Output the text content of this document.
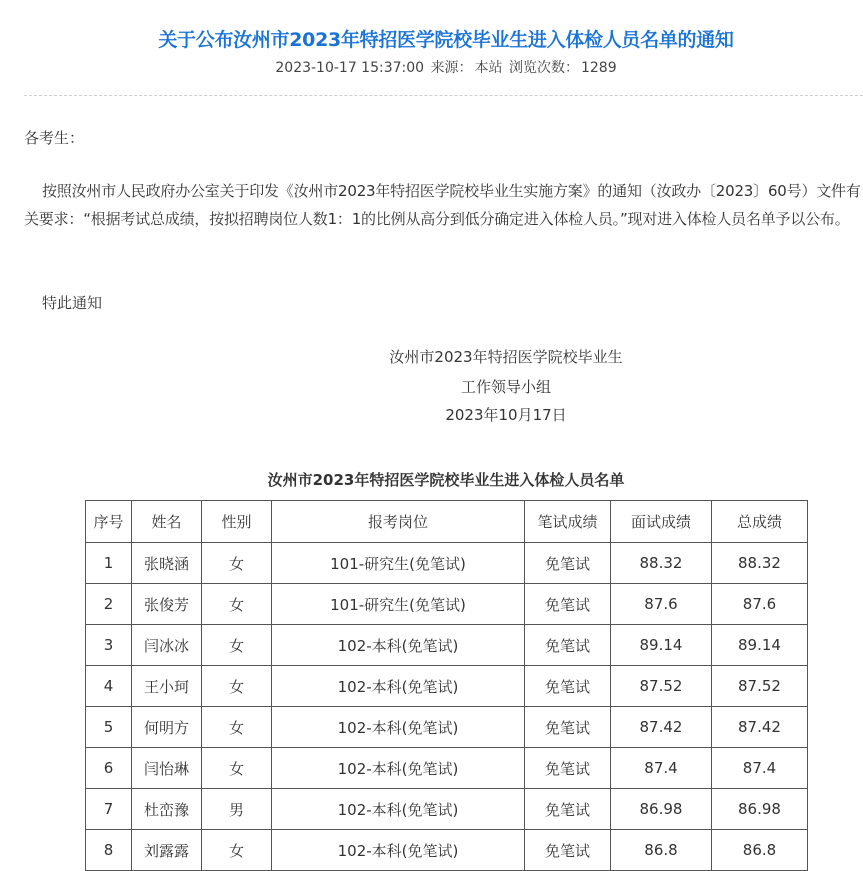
关于公布汝州市2023年特招医学院校毕业生进入体检人员名单的通知
2023-10-17 15:37:00 来源： 本站 浏览次数： 1289

各考生：

按照汝州市人民政府办公室关于印发《汝州市2023年特招医学院校毕业生实施方案》的通知（汝政办〔2023〕60号）文件有关要求：“根据考试总成绩，按拟招聘岗位人数1：1的比例从高分到低分确定进入体检人员。”现对进入体检人员名单予以公布。

特此通知

汝州市2023年特招医学院校毕业生
工作领导小组
2023年10月17日
汝州市2023年特招医学院校毕业生进入体检人员名单
序号	姓名	性别	报考岗位	笔试成绩	面试成绩	总成绩
1	张晓涵	女	101-研究生(免笔试)	免笔试	88.32	88.32
2	张俊芳	女	101-研究生(免笔试)	免笔试	87.6	87.6
3	闫冰冰	女	102-本科(免笔试)	免笔试	89.14	89.14
4	王小珂	女	102-本科(免笔试)	免笔试	87.52	87.52
5	何明方	女	102-本科(免笔试)	免笔试	87.42	87.42
6	闫怡琳	女	102-本科(免笔试)	免笔试	87.4	87.4
7	杜峦豫	男	102-本科(免笔试)	免笔试	86.98	86.98
8	刘露露	女	102-本科(免笔试)	免笔试	86.8	86.8
